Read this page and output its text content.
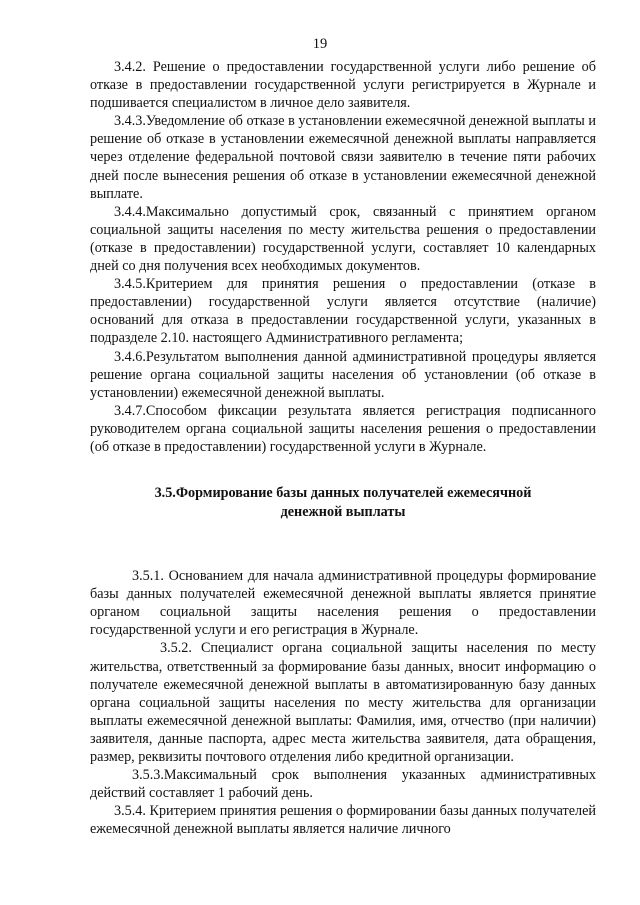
19

3.4.2. Решение о предоставлении государственной услуги либо решение об отказе в предоставлении государственной услуги регистрируется в Журнале и подшивается специалистом в личное дело заявителя.

3.4.3.Уведомление об отказе в установлении ежемесячной денежной выплаты и решение об отказе в установлении ежемесячной денежной выплаты направляется через отделение федеральной почтовой связи заявителю в течение пяти рабочих дней после вынесения решения об отказе в установлении ежемесячной денежной выплате.

3.4.4.Максимально допустимый срок, связанный с принятием органом социальной защиты населения по месту жительства решения о предоставлении (отказе в предоставлении) государственной услуги, составляет 10 календарных дней со дня получения всех необходимых документов.

3.4.5.Критерием для принятия решения о предоставлении (отказе в предоставлении) государственной услуги является отсутствие (наличие) оснований для отказа в предоставлении государственной услуги, указанных в подразделе 2.10. настоящего Административного регламента;

3.4.6.Результатом выполнения данной административной процедуры является решение органа социальной защиты населения об установлении (об отказе в установлении) ежемесячной денежной выплаты.

3.4.7.Способом фиксации результата является регистрация подписанного руководителем органа социальной защиты населения решения о предоставлении (об отказе в предоставлении) государственной услуги в Журнале.

3.5.Формирование базы данных получателей ежемесячной
денежной выплаты

3.5.1. Основанием для начала административной процедуры формирование базы данных получателей ежемесячной денежной выплаты является принятие органом социальной защиты населения решения о предоставлении государственной услуги и его регистрация в Журнале.

3.5.2. Специалист органа социальной защиты населения по месту жительства, ответственный за формирование базы данных, вносит информацию о получателе ежемесячной денежной выплаты в автоматизированную базу данных органа социальной защиты населения по месту жительства для организации выплаты ежемесячной денежной выплаты: Фамилия, имя, отчество (при наличии) заявителя, данные паспорта, адрес места жительства заявителя, дата обращения, размер, реквизиты почтового отделения либо кредитной организации.

3.5.3.Максимальный срок выполнения указанных административных действий составляет 1 рабочий день.

3.5.4. Критерием принятия решения о формировании базы данных получателей ежемесячной денежной выплаты является наличие личного
